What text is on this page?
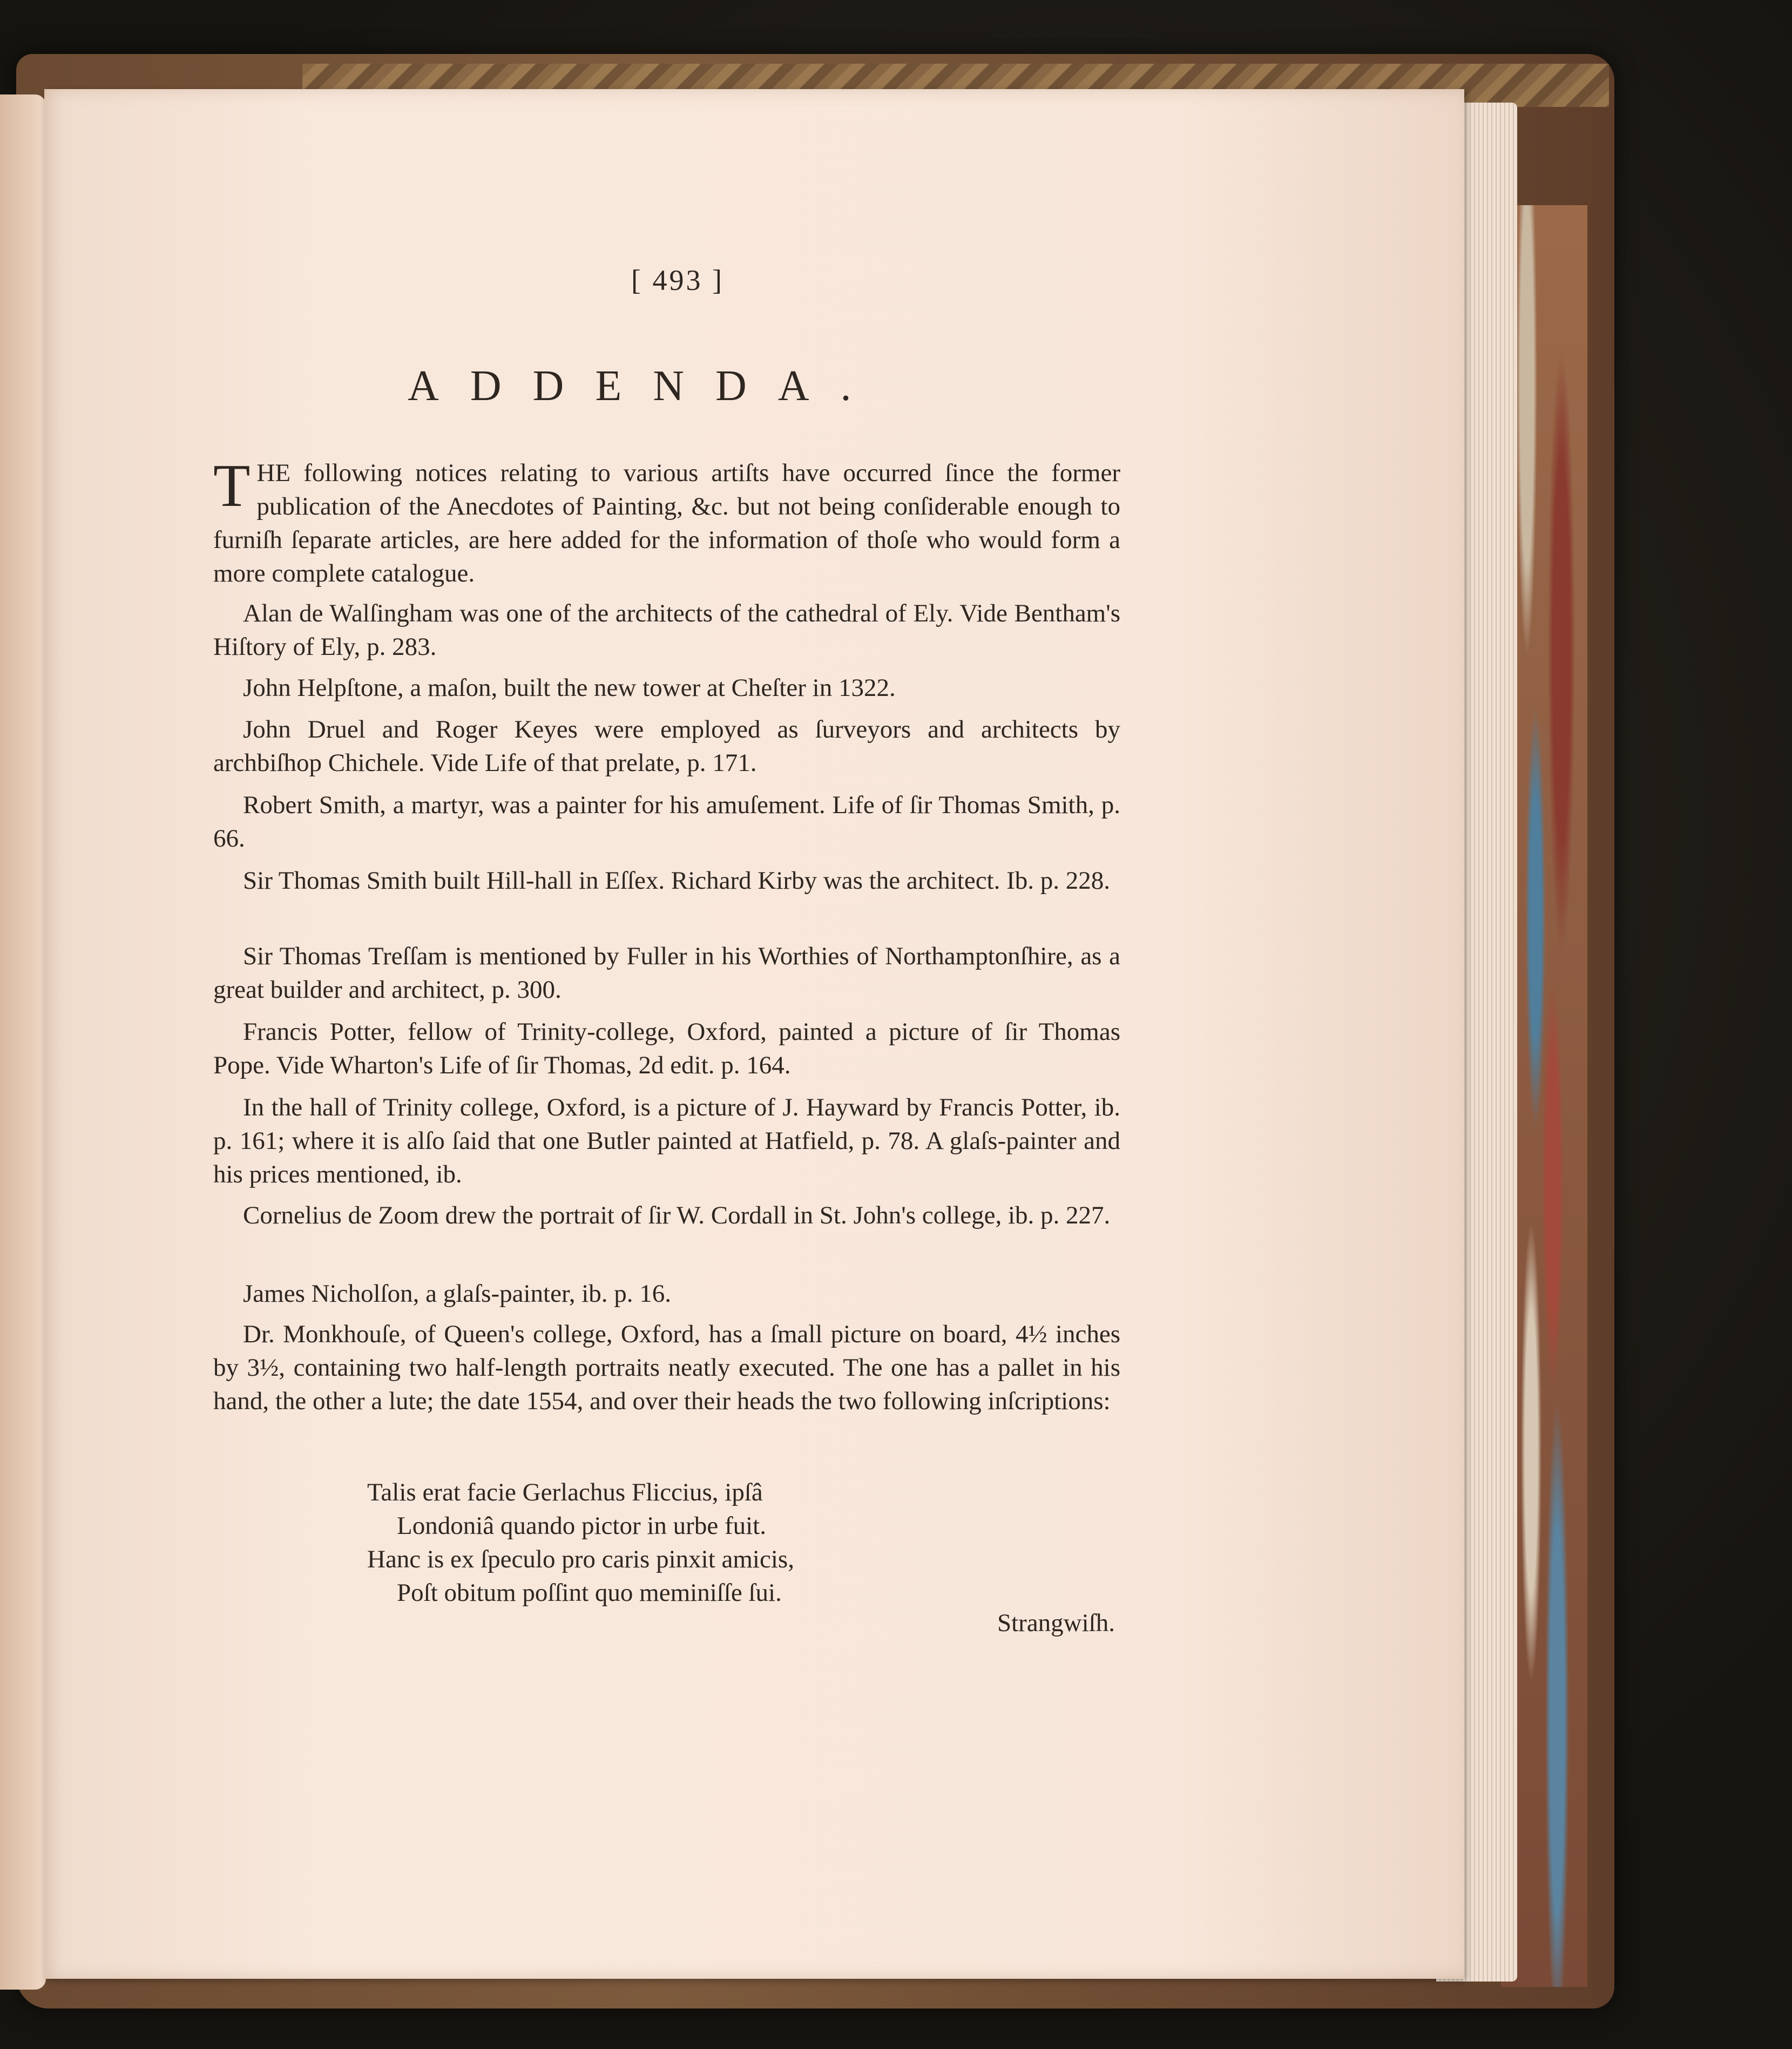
[ 493 ]
ADDENDA.
THE following notices relating to various artiſts have occurred ſince the former publication of the Anecdotes of Painting, &c. but not being conſiderable enough to furniſh ſeparate articles, are here added for the information of thoſe who would form a more complete catalogue.
Alan de Walſingham was one of the architects of the cathedral of Ely. Vide Bentham's Hiſtory of Ely, p. 283.
John Helpſtone, a maſon, built the new tower at Cheſter in 1322.
John Druel and Roger Keyes were employed as ſurveyors and architects by archbiſhop Chichele. Vide Life of that prelate, p. 171.
Robert Smith, a martyr, was a painter for his amuſement. Life of ſir Thomas Smith, p. 66.
Sir Thomas Smith built Hill-hall in Eſſex. Richard Kirby was the architect. Ib. p. 228.
Sir Thomas Treſſam is mentioned by Fuller in his Worthies of Northamptonſhire, as a great builder and architect, p. 300.
Francis Potter, fellow of Trinity-college, Oxford, painted a picture of ſir Thomas Pope. Vide Wharton's Life of ſir Thomas, 2d edit. p. 164.
In the hall of Trinity college, Oxford, is a picture of J. Hayward by Francis Potter, ib. p. 161; where it is alſo ſaid that one Butler painted at Hatfield, p. 78. A glaſs-painter and his prices mentioned, ib.
Cornelius de Zoom drew the portrait of ſir W. Cordall in St. John's college, ib. p. 227.
James Nicholſon, a glaſs-painter, ib. p. 16.
Dr. Monkhouſe, of Queen's college, Oxford, has a ſmall picture on board, 4½ inches by 3½, containing two half-length portraits neatly executed. The one has a pallet in his hand, the other a lute; the date 1554, and over their heads the two following inſcriptions:
Talis erat facie Gerlachus Fliccius, ipſâ
Londoniâ quando pictor in urbe fuit.
Hanc is ex ſpeculo pro caris pinxit amicis,
Poſt obitum poſſint quo meminiſſe ſui.
Strangwiſh.
